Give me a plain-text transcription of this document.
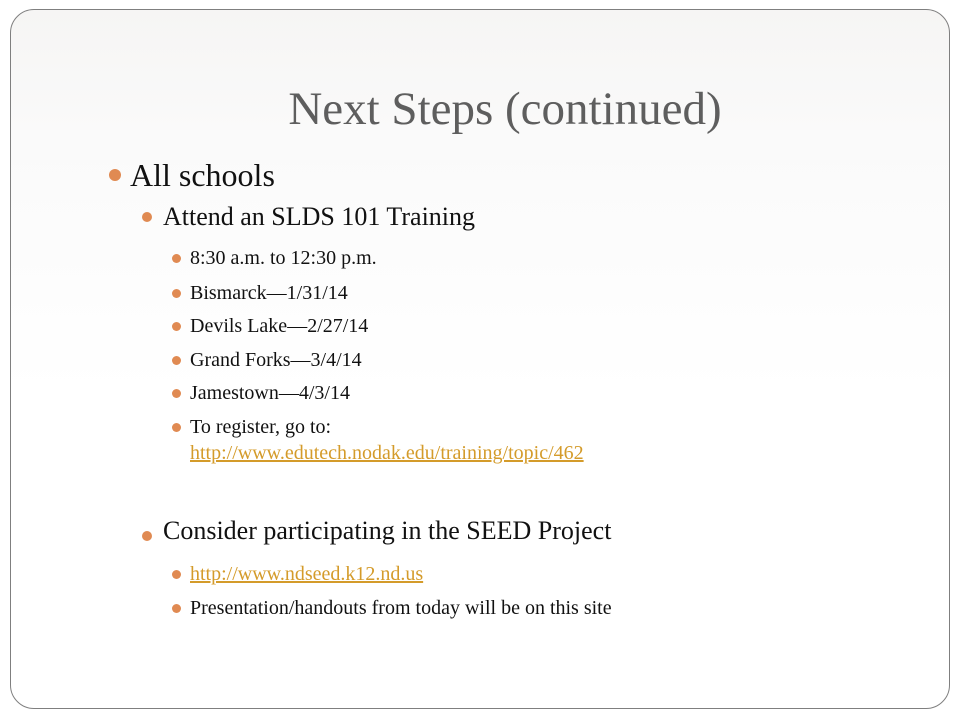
Next Steps (continued)
All schools
Attend an SLDS 101 Training
8:30 a.m. to 12:30 p.m.
Bismarck—1/31/14
Devils Lake—2/27/14
Grand Forks—3/4/14
Jamestown—4/3/14
To register, go to:
http://www.edutech.nodak.edu/training/topic/462
Consider participating in the SEED Project
http://www.ndseed.k12.nd.us
Presentation/handouts from today will be on this site
